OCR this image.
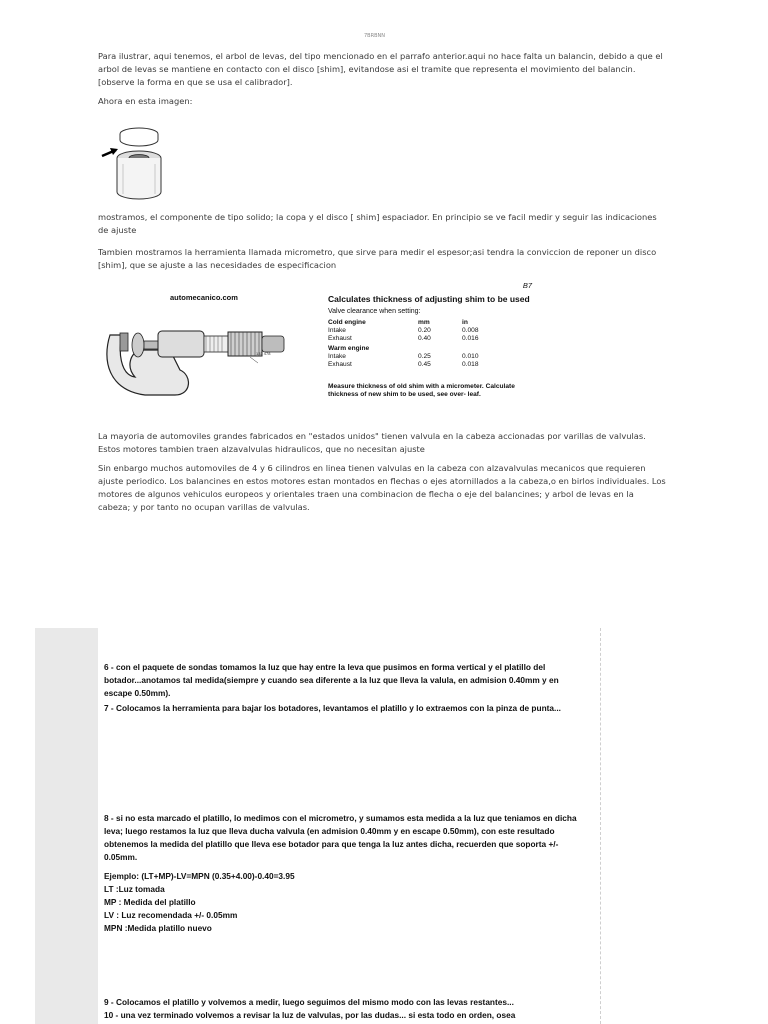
7BRBNN

Para ilustrar, aqui tenemos, el arbol de levas, del tipo mencionado en el parrafo anterior.aqui no hace falta un balancin, debido a que el arbol de levas se mantiene en contacto con el disco [shim], evitandose asi el tramite que representa el movimiento del balancin.[observe la forma en que se usa el calibrador].

Ahora en esta imagen:

mostramos, el componente de tipo solido; la copa y el disco [ shim] espaciador. En principio se ve facil medir y seguir las indicaciones de ajuste

Tambien mostramos la herramienta llamada micrometro, que sirve para medir el espesor;asi tendra la conviccion de reponer un disco [shim], que se ajuste a las necesidades de especificacion

automecanico.com
133 478
B7
Calculates thickness of adjusting shim to be used
Valve clearance when setting:
Cold engine	mm	in
Intake	0.20	0.008
Exhaust	0.40	0.016
Warm engine
Intake	0.25	0.010
Exhaust	0.45	0.018
Measure thickness of old shim with a micrometer. Calculate thickness of new shim to be used, see over- leaf.

La mayoria de automoviles grandes fabricados en "estados unidos" tienen valvula en la cabeza accionadas por varillas de valvulas. Estos motores tambien traen alzavalvulas hidraulicos, que no necesitan ajuste

Sin enbargo muchos automoviles de 4 y 6 cilindros en linea tienen valvulas en la cabeza con alzavalvulas mecanicos que requieren ajuste periodico. Los balancines en estos motores estan montados en flechas o ejes atornillados a la cabeza,o en birlos individuales. Los motores de algunos vehiculos europeos y orientales traen una combinacion de flecha o eje del balancines; y arbol de levas en la cabeza; y por tanto no ocupan varillas de valvulas.

6 - con el paquete de sondas tomamos la luz que hay entre la leva que pusimos en forma vertical y el platillo del botador...anotamos tal medida(siempre y cuando sea diferente a la luz que lleva la valula, en admision 0.40mm y en escape 0.50mm).

7 - Colocamos la herramienta para bajar los botadores, levantamos el platillo y lo extraemos con la pinza de punta...

8 - si no esta marcado el platillo, lo medimos con el micrometro, y sumamos esta medida a la luz que teniamos en dicha leva; luego restamos la luz que lleva ducha valvula (en admision 0.40mm y en escape 0.50mm), con este resultado obtenemos la medida del platillo que lleva ese botador para que tenga la luz antes dicha, recuerden que soporta +/- 0.05mm.

Ejemplo: (LT+MP)-LV=MPN (0.35+4.00)-0.40=3.95

LT :Luz tomada

MP : Medida del platillo

LV : Luz recomendada +/- 0.05mm

MPN :Medida platillo nuevo

9 - Colocamos el platillo y volvemos a medir, luego seguimos del mismo modo con las levas restantes...

10 - una vez terminado volvemos a revisar la luz de valvulas, por las dudas... si esta todo en orden, osea
